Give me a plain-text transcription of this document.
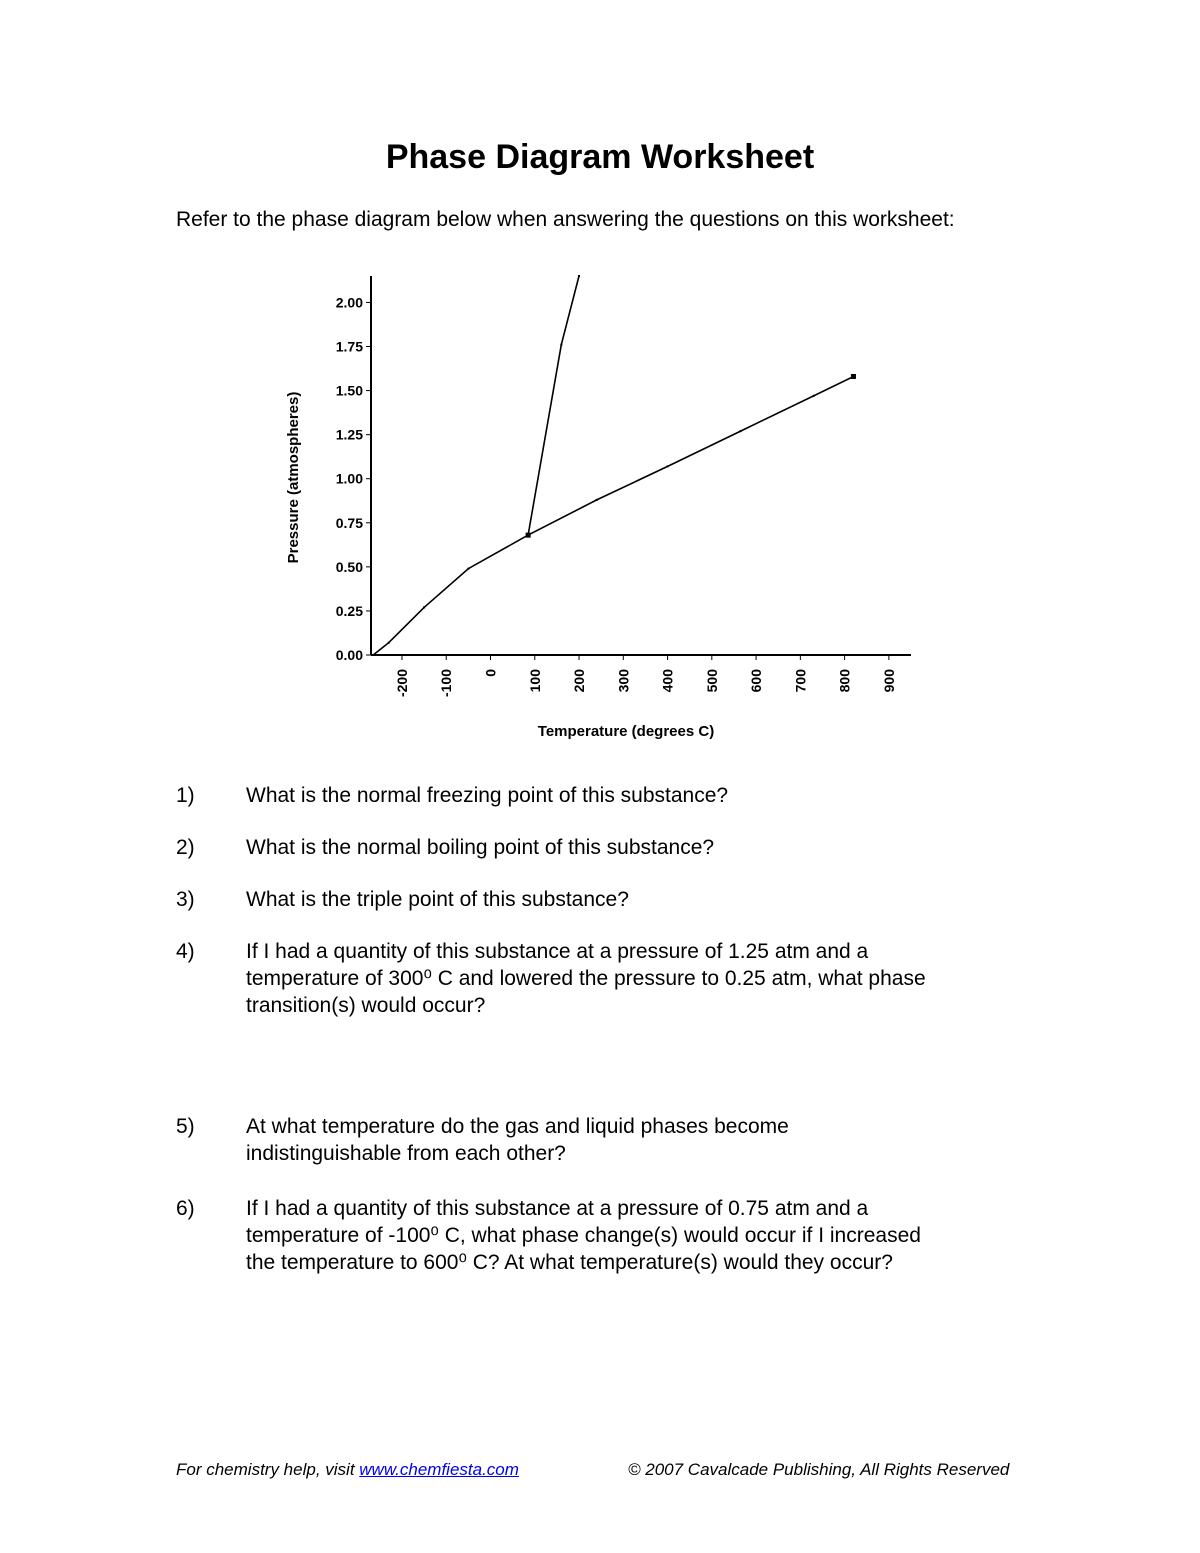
Phase Diagram Worksheet

Refer to the phase diagram below when answering the questions on this worksheet:

0.00
0.25
0.50
0.75
1.00
1.25
1.50
1.75
2.00
-200 -100 0 100 200 300 400 500 600 700 800 900
Pressure (atmospheres)
Temperature (degrees C)
1) What is the normal freezing point of this substance?
2) What is the normal boiling point of this substance?
3) What is the triple point of this substance?
4) If I had a quantity of this substance at a pressure of 1.25 atm and a
temperature of 300⁰ C and lowered the pressure to 0.25 atm, what phase
transition(s) would occur?
5) At what temperature do the gas and liquid phases become
indistinguishable from each other?
6) If I had a quantity of this substance at a pressure of 0.75 atm and a
temperature of -100⁰ C, what phase change(s) would occur if I increased
the temperature to 600⁰ C? At what temperature(s) would they occur?
For chemistry help, visit www.chemfiesta.com	© 2007 Cavalcade Publishing, All Rights Reserved
